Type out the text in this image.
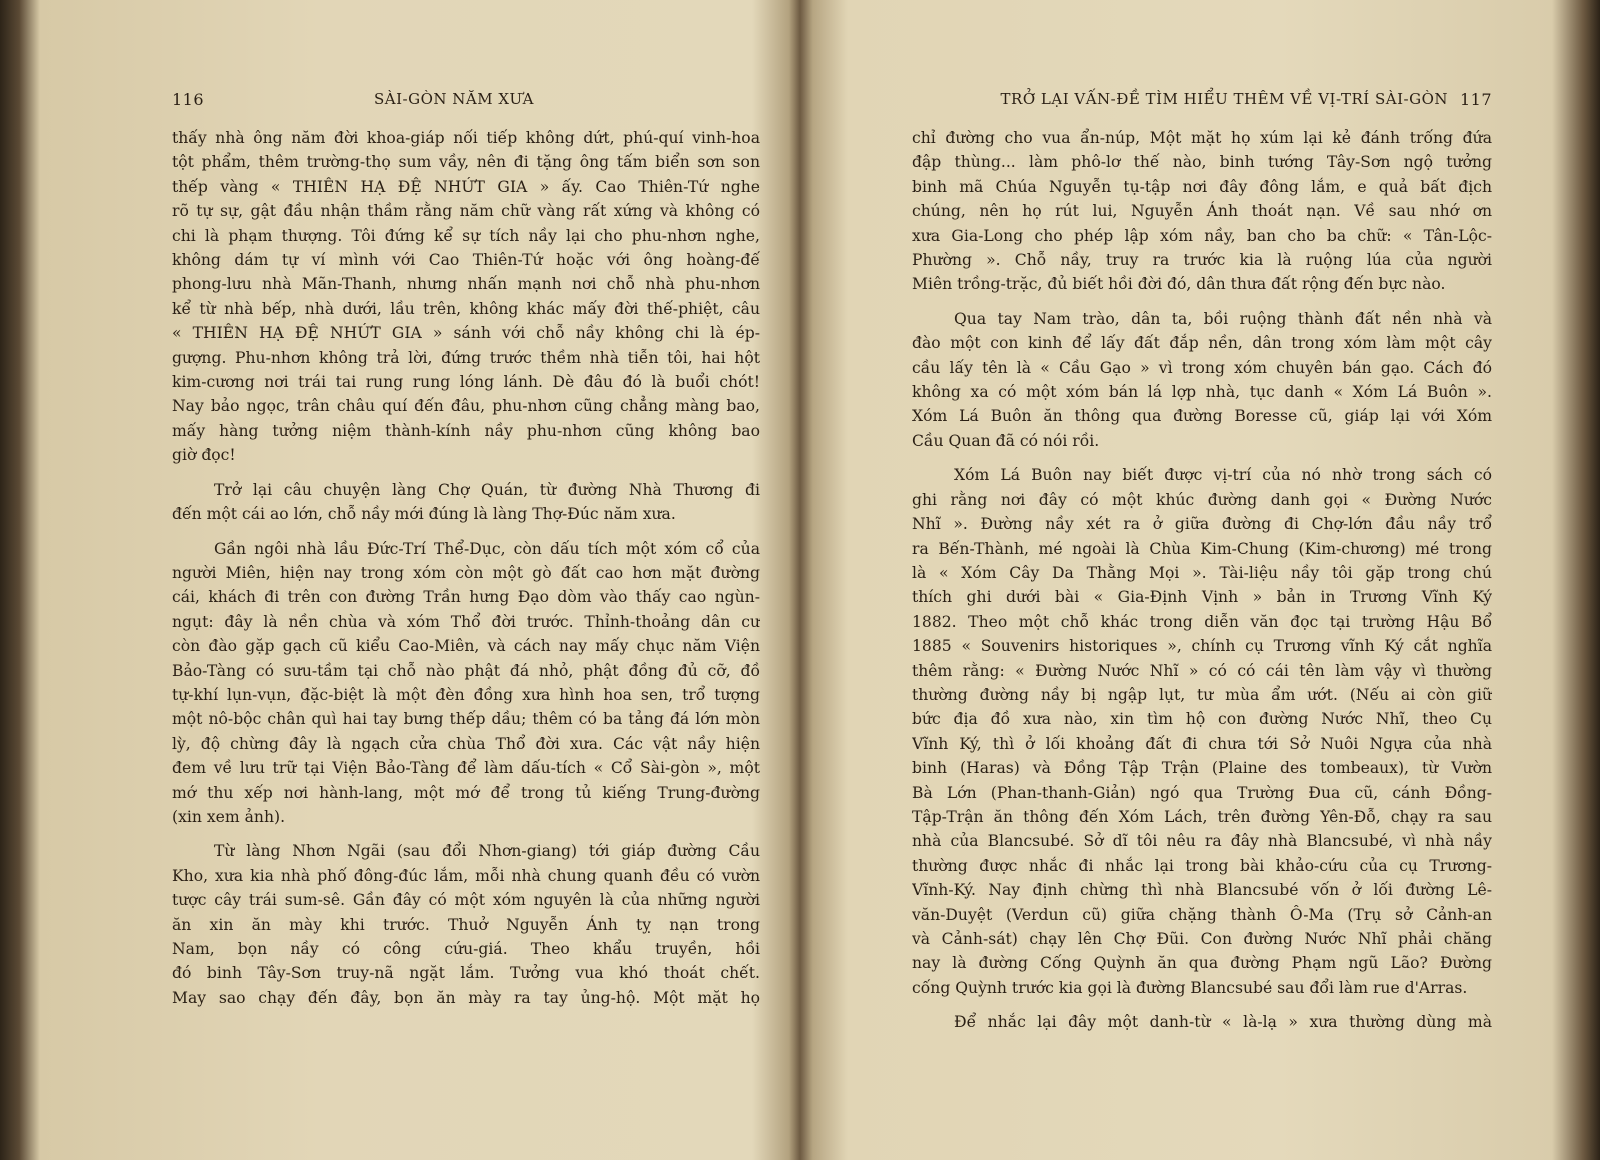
116	SÀI-GÒN NĂM XƯA
thấy nhà ông năm đời khoa-giáp nối tiếp không dứt, phú-quí vinh-hoa
tột phẩm, thêm trường-thọ sum vầy, nên đi tặng ông tấm biển sơn son
thếp vàng « THIÊN HẠ ĐỆ NHỨT GIA » ấy. Cao Thiên-Tứ nghe
rõ tự sự, gật đầu nhận thầm rằng năm chữ vàng rất xứng và không có
chi là phạm thượng. Tôi đứng kể sự tích nầy lại cho phu-nhơn nghe,
không dám tự ví mình với Cao Thiên-Tứ hoặc với ông hoàng-đế
phong-lưu nhà Mãn-Thanh, nhưng nhấn mạnh nơi chỗ nhà phu-nhơn
kể từ nhà bếp, nhà dưới, lầu trên, không khác mấy đời thế-phiệt, câu
« THIÊN HẠ ĐỆ NHỨT GIA » sánh với chỗ nầy không chi là ép-
gượng. Phu-nhơn không trả lời, đứng trước thềm nhà tiễn tôi, hai hột
kim-cương nơi trái tai rung rung lóng lánh. Dè đâu đó là buổi chót!
Nay bảo ngọc, trân châu quí đến đâu, phu-nhơn cũng chẳng màng bao,
mấy hàng tưởng niệm thành-kính nầy phu-nhơn cũng không bao
giờ đọc!
Trở lại câu chuyện làng Chợ Quán, từ đường Nhà Thương đi
đến một cái ao lớn, chỗ nầy mới đúng là làng Thợ-Đúc năm xưa.
Gần ngôi nhà lầu Đức-Trí Thể-Dục, còn dấu tích một xóm cổ của
người Miên, hiện nay trong xóm còn một gò đất cao hơn mặt đường
cái, khách đi trên con đường Trần hưng Đạo dòm vào thấy cao ngùn-
ngụt: đây là nền chùa và xóm Thổ đời trước. Thỉnh-thoảng dân cư
còn đào gặp gạch cũ kiểu Cao-Miên, và cách nay mấy chục năm Viện
Bảo-Tàng có sưu-tầm tại chỗ nào phật đá nhỏ, phật đồng đủ cỡ, đồ
tự-khí lụn-vụn, đặc-biệt là một đèn đồng xưa hình hoa sen, trổ tượng
một nô-bộc chân quì hai tay bưng thếp dầu; thêm có ba tảng đá lớn mòn
lỳ, độ chừng đây là ngạch cửa chùa Thổ đời xưa. Các vật nầy hiện
đem về lưu trữ tại Viện Bảo-Tàng để làm dấu-tích « Cổ Sài-gòn », một
mớ thu xếp nơi hành-lang, một mớ để trong tủ kiếng Trung-đường
(xin xem ảnh).
Từ làng Nhơn Ngãi (sau đổi Nhơn-giang) tới giáp đường Cầu
Kho, xưa kia nhà phố đông-đúc lắm, mỗi nhà chung quanh đều có vườn
tược cây trái sum-sê. Gần đây có một xóm nguyên là của những người
ăn xin ăn mày khi trước. Thuở Nguyễn Ánh tỵ nạn trong
Nam, bọn nầy có công cứu-giá. Theo khẩu truyền, hồi
đó binh Tây-Sơn truy-nã ngặt lắm. Tưởng vua khó thoát chết.
May sao chạy đến đây, bọn ăn mày ra tay ủng-hộ. Một mặt họ
TRỞ LẠI VẤN-ĐỀ TÌM HIỂU THÊM VỀ VỊ-TRÍ SÀI-GÒN 117
chỉ đường cho vua ẩn-núp, Một mặt họ xúm lại kẻ đánh trống đứa
đập thùng... làm phô-lơ thế nào, binh tướng Tây-Sơn ngộ tưởng
binh mã Chúa Nguyễn tụ-tập nơi đây đông lắm, e quả bất địch
chúng, nên họ rút lui, Nguyễn Ánh thoát nạn. Về sau nhớ ơn
xưa Gia-Long cho phép lập xóm nầy, ban cho ba chữ: « Tân-Lộc-
Phường ». Chỗ nầy, truy ra trước kia là ruộng lúa của người
Miên trồng-trặc, đủ biết hồi đời đó, dân thưa đất rộng đến bực nào.
Qua tay Nam trào, dân ta, bồi ruộng thành đất nền nhà và
đào một con kinh để lấy đất đắp nền, dân trong xóm làm một cây
cầu lấy tên là « Cầu Gạo » vì trong xóm chuyên bán gạo. Cách đó
không xa có một xóm bán lá lợp nhà, tục danh « Xóm Lá Buôn ».
Xóm Lá Buôn ăn thông qua đường Boresse cũ, giáp lại với Xóm
Cầu Quan đã có nói rồi.
Xóm Lá Buôn nay biết được vị-trí của nó nhờ trong sách có
ghi rằng nơi đây có một khúc đường danh gọi « Đường Nước
Nhĩ ». Đường nầy xét ra ở giữa đường đi Chợ-lớn đầu nầy trổ
ra Bến-Thành, mé ngoài là Chùa Kim-Chung (Kim-chương) mé trong
là « Xóm Cây Da Thằng Mọi ». Tài-liệu nầy tôi gặp trong chú
thích ghi dưới bài « Gia-Định Vịnh » bản in Trương Vĩnh Ký
1882. Theo một chỗ khác trong diễn văn đọc tại trường Hậu Bổ
1885 « Souvenirs historiques », chính cụ Trương vĩnh Ký cắt nghĩa
thêm rằng: « Đường Nước Nhĩ » có có cái tên làm vậy vì thường
thường đường nầy bị ngập lụt, tư mùa ẩm ướt. (Nếu ai còn giữ
bức địa đồ xưa nào, xin tìm hộ con đường Nước Nhĩ, theo Cụ
Vĩnh Ký, thì ở lối khoảng đất đi chưa tới Sở Nuôi Ngựa của nhà
binh (Haras) và Đồng Tập Trận (Plaine des tombeaux), từ Vườn
Bà Lớn (Phan-thanh-Giản) ngó qua Trường Đua cũ, cánh Đồng-
Tập-Trận ăn thông đến Xóm Lách, trên đường Yên-Đỗ, chạy ra sau
nhà của Blancsubé. Sở dĩ tôi nêu ra đây nhà Blancsubé, vì nhà nầy
thường được nhắc đi nhắc lại trong bài khảo-cứu của cụ Trương-
Vĩnh-Ký. Nay định chừng thì nhà Blancsubé vốn ở lối đường Lê-
văn-Duyệt (Verdun cũ) giữa chặng thành Ô-Ma (Trụ sở Cảnh-an
và Cảnh-sát) chạy lên Chợ Đũi. Con đường Nước Nhĩ phải chăng
nay là đường Cống Quỳnh ăn qua đường Phạm ngũ Lão? Đường
cống Quỳnh trước kia gọi là đường Blancsubé sau đổi làm rue d'Arras.
Để nhắc lại đây một danh-từ « là-lạ » xưa thường dùng mà
